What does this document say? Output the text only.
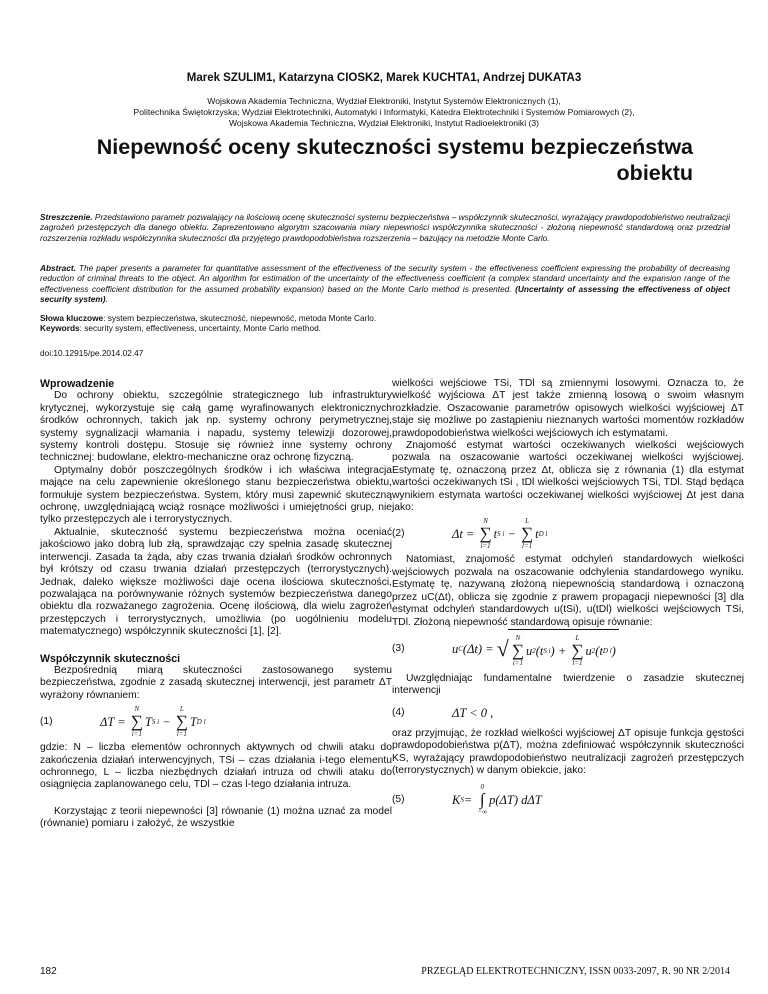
Marek SZULIM1, Katarzyna CIOSK2, Marek KUCHTA1, Andrzej DUKATA3
Wojskowa Akademia Techniczna, Wydział Elektroniki, Instytut Systemów Elektronicznych (1),
Politechnika Świętokrzyska; Wydział Elektrotechniki, Automatyki i Informatyki, Katedra Elektrotechniki i Systemów Pomiarowych (2),
Wojskowa Akademia Techniczna, Wydział Elektroniki, Instytut Radioelektroniki (3)
Niepewność oceny skuteczności systemu bezpieczeństwa obiektu
Streszczenie. Przedstawiono parametr pozwalający na ilościową ocenę skuteczności systemu bezpieczeństwa – współczynnik skuteczności, wyrażający prawdopodobieństwo neutralizacji zagrożeń przestępczych dla danego obiektu. Zaprezentowano algorytm szacowania miary niepewności współczynnika skuteczności - złożoną niepewność standardową oraz przedział rozszerzenia rozkładu współczynnika skuteczności dla przyjętego prawdopodobieństwa rozszerzenia – bazujący na metodzie Monte Carlo.
Abstract. The paper presents a parameter for quantitative assessment of the effectiveness of the security system - the effectiveness coefficient expressing the probability of decreasing reduction of criminal threats to the object. An algorithm for estimation of the uncertainty of the effectiveness coefficient (a complex standard uncertainty and the expansion range of the effectiveness coefficient distribution for the assumed probability expansion) based on the Monte Carlo method is presented. (Uncertainty of assessing the effectiveness of object security system).
Słowa kluczowe: system bezpieczeństwa, skuteczność, niepewność, metoda Monte Carlo.
Keywords: security system, effectiveness, uncertainty, Monte Carlo method.
doi:10.12915/pe.2014.02.47
Wprowadzenie

Do ochrony obiektu, szczególnie strategicznego lub infrastruktury krytycznej, wykorzystuje się całą gamę wyrafinowanych elektronicznych środków ochronnych, takich jak np. systemy ochrony perymetrycznej, systemy sygnalizacji włamania i napadu, systemy telewizji dozorowej, systemy kontroli dostępu. Stosuje się również inne systemy ochrony technicznej: budowlane, elektro-mechaniczne oraz ochronę fizyczną.

Optymalny dobór poszczególnych środków i ich właściwa integracja mające na celu zapewnienie określonego stanu bezpieczeństwa obiektu, formułuje system bezpieczeństwa. System, który musi zapewnić skuteczną ochronę, uwzględniającą wciąż rosnące możliwości i umiejętności grup, nie tylko przestępczych ale i terrorystycznych.

Aktualnie, skuteczność systemu bezpieczeństwa można oceniać jakościowo jako dobrą lub złą, sprawdzając czy spełnia zasadę skutecznej interwencji. Zasada ta żąda, aby czas trwania działań środków ochronnych był krótszy od czasu trwania działań przestępczych (terrorystycznych). Jednak, daleko większe możliwości daje ocena ilościowa skuteczności, pozwalająca na porównywanie różnych systemów bezpieczeństwa danego obiektu dla rozważanego zagrożenia. Ocenę ilościową, dla wielu zagrożeń przestępczych i terrorystycznych, umożliwia (po uogólnieniu modelu matematycznego) współczynnik skuteczności [1], [2].

Współczynnik skuteczności

Bezpośrednią miarą skuteczności zastosowanego systemu bezpieczeństwa, zgodnie z zasadą skutecznej interwencji, jest parametr ΔT wyrażony równaniem:

(1)	ΔT =
N
∑
i=1
T S i −
L
∑
l=1
T D l

gdzie: N – liczba elementów ochronnych aktywnych od chwili ataku do zakończenia działań interwencyjnych, TSi – czas działania i-tego elementu ochronnego, L – liczba niezbędnych działań intruza od chwili ataku do osiągnięcia zaplanowanego celu, TDl – czas l-tego działania intruza.

Korzystając z teorii niepewności [3] równanie (1) można uznać za model (równanie) pomiaru i założyć, że wszystkie

wielkości wejściowe TSi, TDl są zmiennymi losowymi. Oznacza to, że wielkość wyjściowa ΔT jest także zmienną losową o swoim własnym rozkładzie. Oszacowanie parametrów opisowych wielkości wyjściowej ΔT staje się możliwe po zastąpieniu nieznanych wartości momentów rozkładów prawdopodobieństwa wielkości wejściowych ich estymatami.

Znajomość estymat wartości oczekiwanych wielkości wejściowych pozwala na oszacowanie wartości oczekiwanej wielkości wyjściowej. Estymatę tę, oznaczoną przez Δt, oblicza się z równania (1) dla estymat wartości oczekiwanych tSi , tDl wielkości wejściowych TSi, TDl. Stąd będąca wynikiem estymata wartości oczekiwanej wielkości wyjściowej Δt jest dana jako:

(2)	Δt =
N
∑
i=1
t S i −
L
∑
l=1
t D l

Natomiast, znajomość estymat odchyleń standardowych wielkości wejściowych pozwala na oszacowanie odchylenia standardowego wyniku. Estymatę tę, nazywaną złożoną niepewnością standardową i oznaczoną przez uC(Δt), oblicza się zgodnie z prawem propagacji niepewności [3] dla estymat odchyleń standardowych u(tSi), u(tDl) wielkości wejściowych TSi, TDl. Złożoną niepewność standardową opisuje równanie:

(3)	u C (Δt) = √ N
∑
i=1
u 2 (t S i ) +
L
∑
l=1
u 2 (t D l )

Uwzględniając fundamentalne twierdzenie o zasadzie skutecznej interwencji

(4)	ΔT < 0 ,

oraz przyjmując, że rozkład wielkości wyjściowej ΔT opisuje funkcja gęstości prawdopodobieństwa p(ΔT), można zdefiniować współczynnik skuteczności KS, wyrażający prawdopodobieństwo neutralizacji zagrożeń przestępczych (terrorystycznych) w danym obiekcie, jako:

(5)	K S =
0
∫
−∞
p(ΔT) dΔT
182	PRZEGLĄD ELEKTROTECHNICZNY, ISSN 0033-2097, R. 90 NR 2/2014
